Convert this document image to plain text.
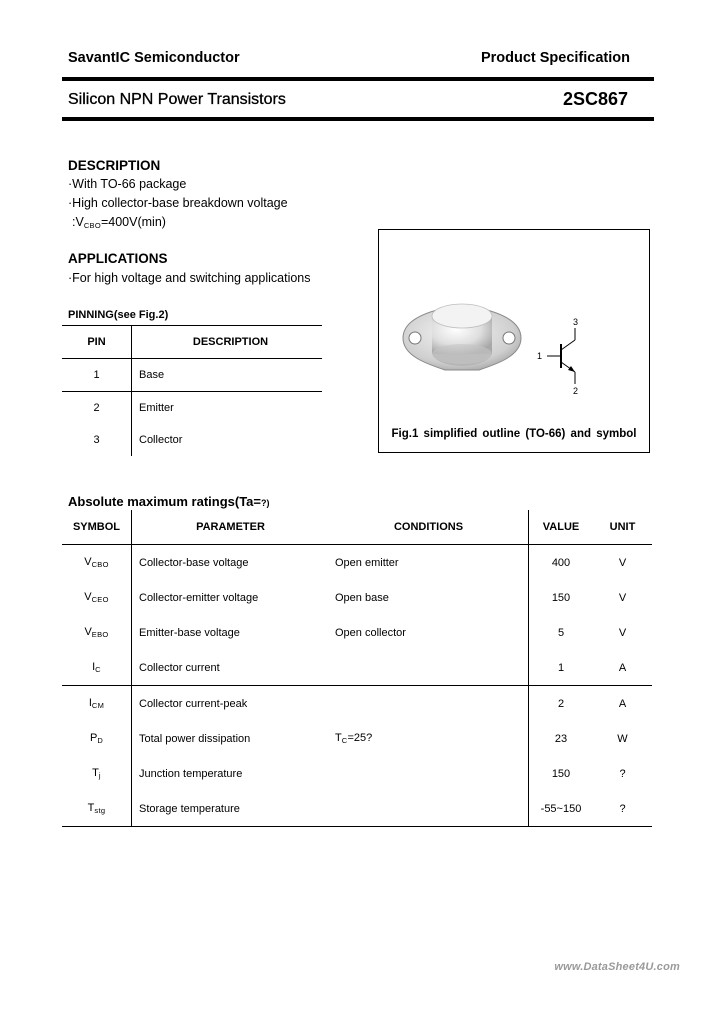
SavantIC Semiconductor	Product Specification
Silicon NPN Power Transistors	2SC867
DESCRIPTION
·With TO-66 package
·High collector-base breakdown voltage
$:V_{CBO}=400V(\min)$
APPLICATIONS
·For high voltage and switching applications
PINNING(see Fig.2)
PIN	DESCRIPTION
1	Base
2	Emitter
3	Collector
1
3
2
Fig.1 simplified outline (TO-66) and symbol
Absolute maximum ratings(Ta=?)
SYMBOL	PARAMETER	CONDITIONS	VALUE	UNIT
$V_{CBO}$	Collector-base voltage	Open emitter	400	V
$V_{CEO}$	Collector-emitter voltage	Open base	150	V
$V_{EBO}$	Emitter-base voltage	Open collector	5	V
$I_C$	Collector current		1	A
$I_{CM}$	Collector current-peak		2	A
$P_D$	Total power dissipation	$T_C=25$?	23	W
$T_j$	Junction temperature		150	?
$T_{stg}$	Storage temperature		-55~150	?
www.DataSheet4U.com
